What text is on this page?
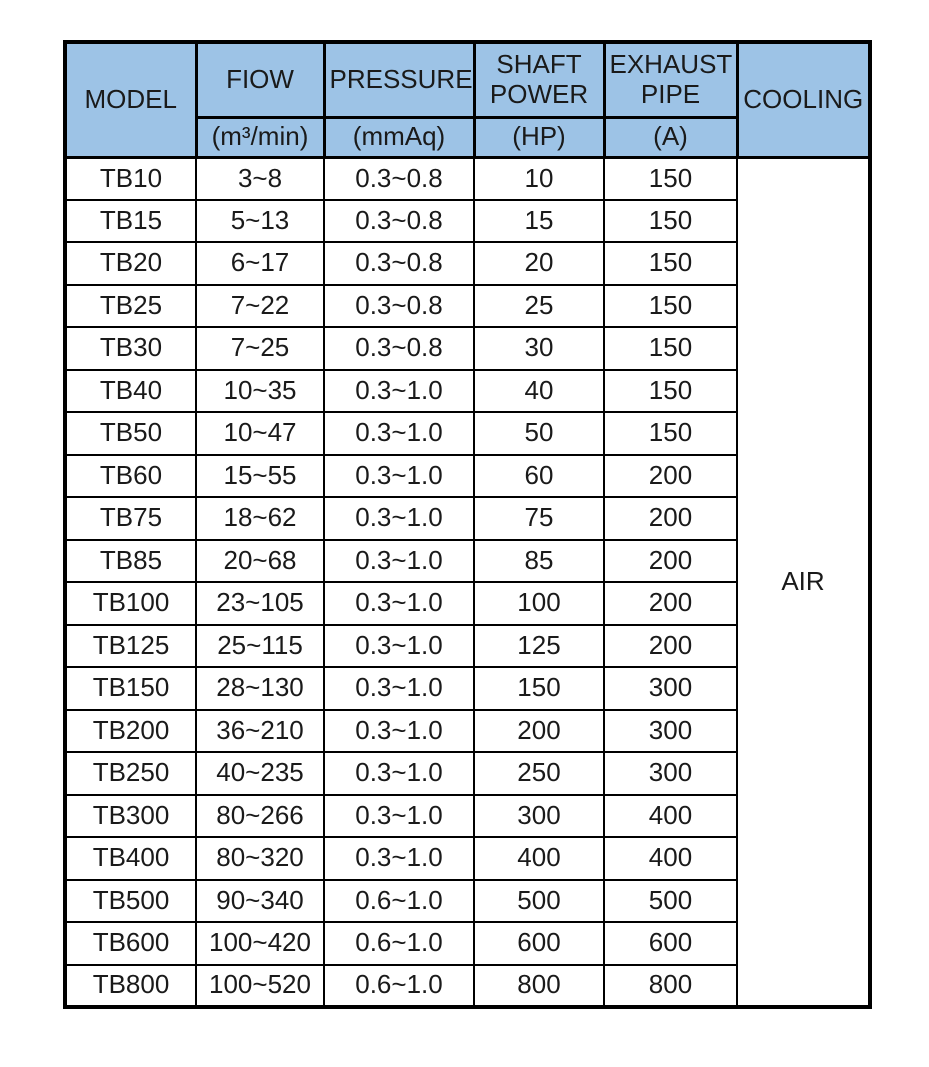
MODEL	FIOW	PRESSURE	SHAFT POWER	EXHAUST PIPE	COOLING
	(m³/min)	(mmAq)	(HP)	(A)	
TB10	3~8	0.3~0.8	10	150	AIR
TB15	5~13	0.3~0.8	15	150	
TB20	6~17	0.3~0.8	20	150	
TB25	7~22	0.3~0.8	25	150	
TB30	7~25	0.3~0.8	30	150	
TB40	10~35	0.3~1.0	40	150	
TB50	10~47	0.3~1.0	50	150	
TB60	15~55	0.3~1.0	60	200	
TB75	18~62	0.3~1.0	75	200	
TB85	20~68	0.3~1.0	85	200	
TB100	23~105	0.3~1.0	100	200	
TB125	25~115	0.3~1.0	125	200	
TB150	28~130	0.3~1.0	150	300	
TB200	36~210	0.3~1.0	200	300	
TB250	40~235	0.3~1.0	250	300	
TB300	80~266	0.3~1.0	300	400	
TB400	80~320	0.3~1.0	400	400	
TB500	90~340	0.6~1.0	500	500	
TB600	100~420	0.6~1.0	600	600	
TB800	100~520	0.6~1.0	800	800	
